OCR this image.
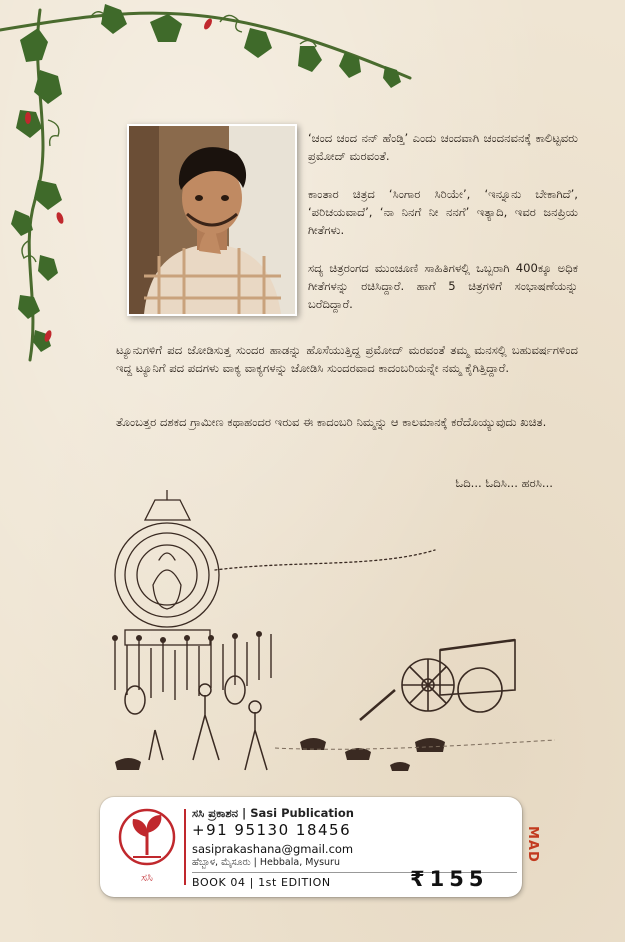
‘ಚಂದ ಚಂದ ನನ್ ಹೆಂಡ್ತಿ’ ಎಂದು ಚಂದವಾಗಿ ಚಂದನವನಕ್ಕೆ ಕಾಲಿಟ್ಟವರು ಪ್ರಮೋದ್ ಮರವಂತೆ.

ಕಾಂತಾರ ಚಿತ್ರದ ‘ಸಿಂಗಾರ ಸಿರಿಯೇ’, ‘ಇನ್ನೂನು ಬೇಕಾಗಿದೆ’, ‘ಪರಿಚಯವಾದೆ’, ‘ನಾ ನಿನಗೆ ನೀ ನನಗೆ’ ಇತ್ಯಾದಿ, ಇವರ ಜನಪ್ರಿಯ ಗೀತೆಗಳು.

ಸದ್ಯ ಚಿತ್ರರಂಗದ ಮುಂಚೂಣಿ ಸಾಹಿತಿಗಳಲ್ಲಿ ಒಬ್ಬರಾಗಿ 400ಕ್ಕೂ ಅಧಿಕ ಗೀತೆಗಳನ್ನು ರಚಿಸಿದ್ದಾರೆ. ಹಾಗೆ 5 ಚಿತ್ರಗಳಿಗೆ ಸಂಭಾಷಣೆಯನ್ನು ಬರೆದಿದ್ದಾರೆ.

ಟ್ಯೂನುಗಳಿಗೆ ಪದ ಜೋಡಿಸುತ್ತ ಸುಂದರ ಹಾಡನ್ನು ಹೊಸೆಯುತ್ತಿದ್ದ ಪ್ರಮೋದ್ ಮರವಂತೆ ತಮ್ಮ ಮನಸಲ್ಲಿ ಬಹುವರ್ಷಗಳಿಂದ ಇದ್ದ ಟ್ಯೂನಿಗೆ ಪದ ಪದಗಳು ವಾಕ್ಯ ವಾಕ್ಯಗಳನ್ನು ಜೋಡಿಸಿ ಸುಂದರವಾದ ಕಾದಂಬರಿಯನ್ನೇ ನಮ್ಮ ಕೈಗಿತ್ತಿದ್ದಾರೆ.

ತೊಂಬತ್ತರ ದಶಕದ ಗ್ರಾಮೀಣ ಕಥಾಹಂದರ ಇರುವ ಈ ಕಾದಂಬರಿ ನಿಮ್ಮನ್ನು ಆ ಕಾಲಮಾನಕ್ಕೆ ಕರೆದೊಯ್ಯುವುದು ಖಚಿತ.

ಓದಿ... ಓದಿಸಿ... ಹರಸಿ...
ಸಸಿ
ಸಸಿ ಪ್ರಕಾಶನ | Sasi Publication
+91 95130 18456
sasiprakashana@gmail.com
ಹೆಬ್ಬಾಳ, ಮೈಸೂರು | Hebbala, Mysuru
BOOK 04 | 1st EDITION	₹155
MAD
